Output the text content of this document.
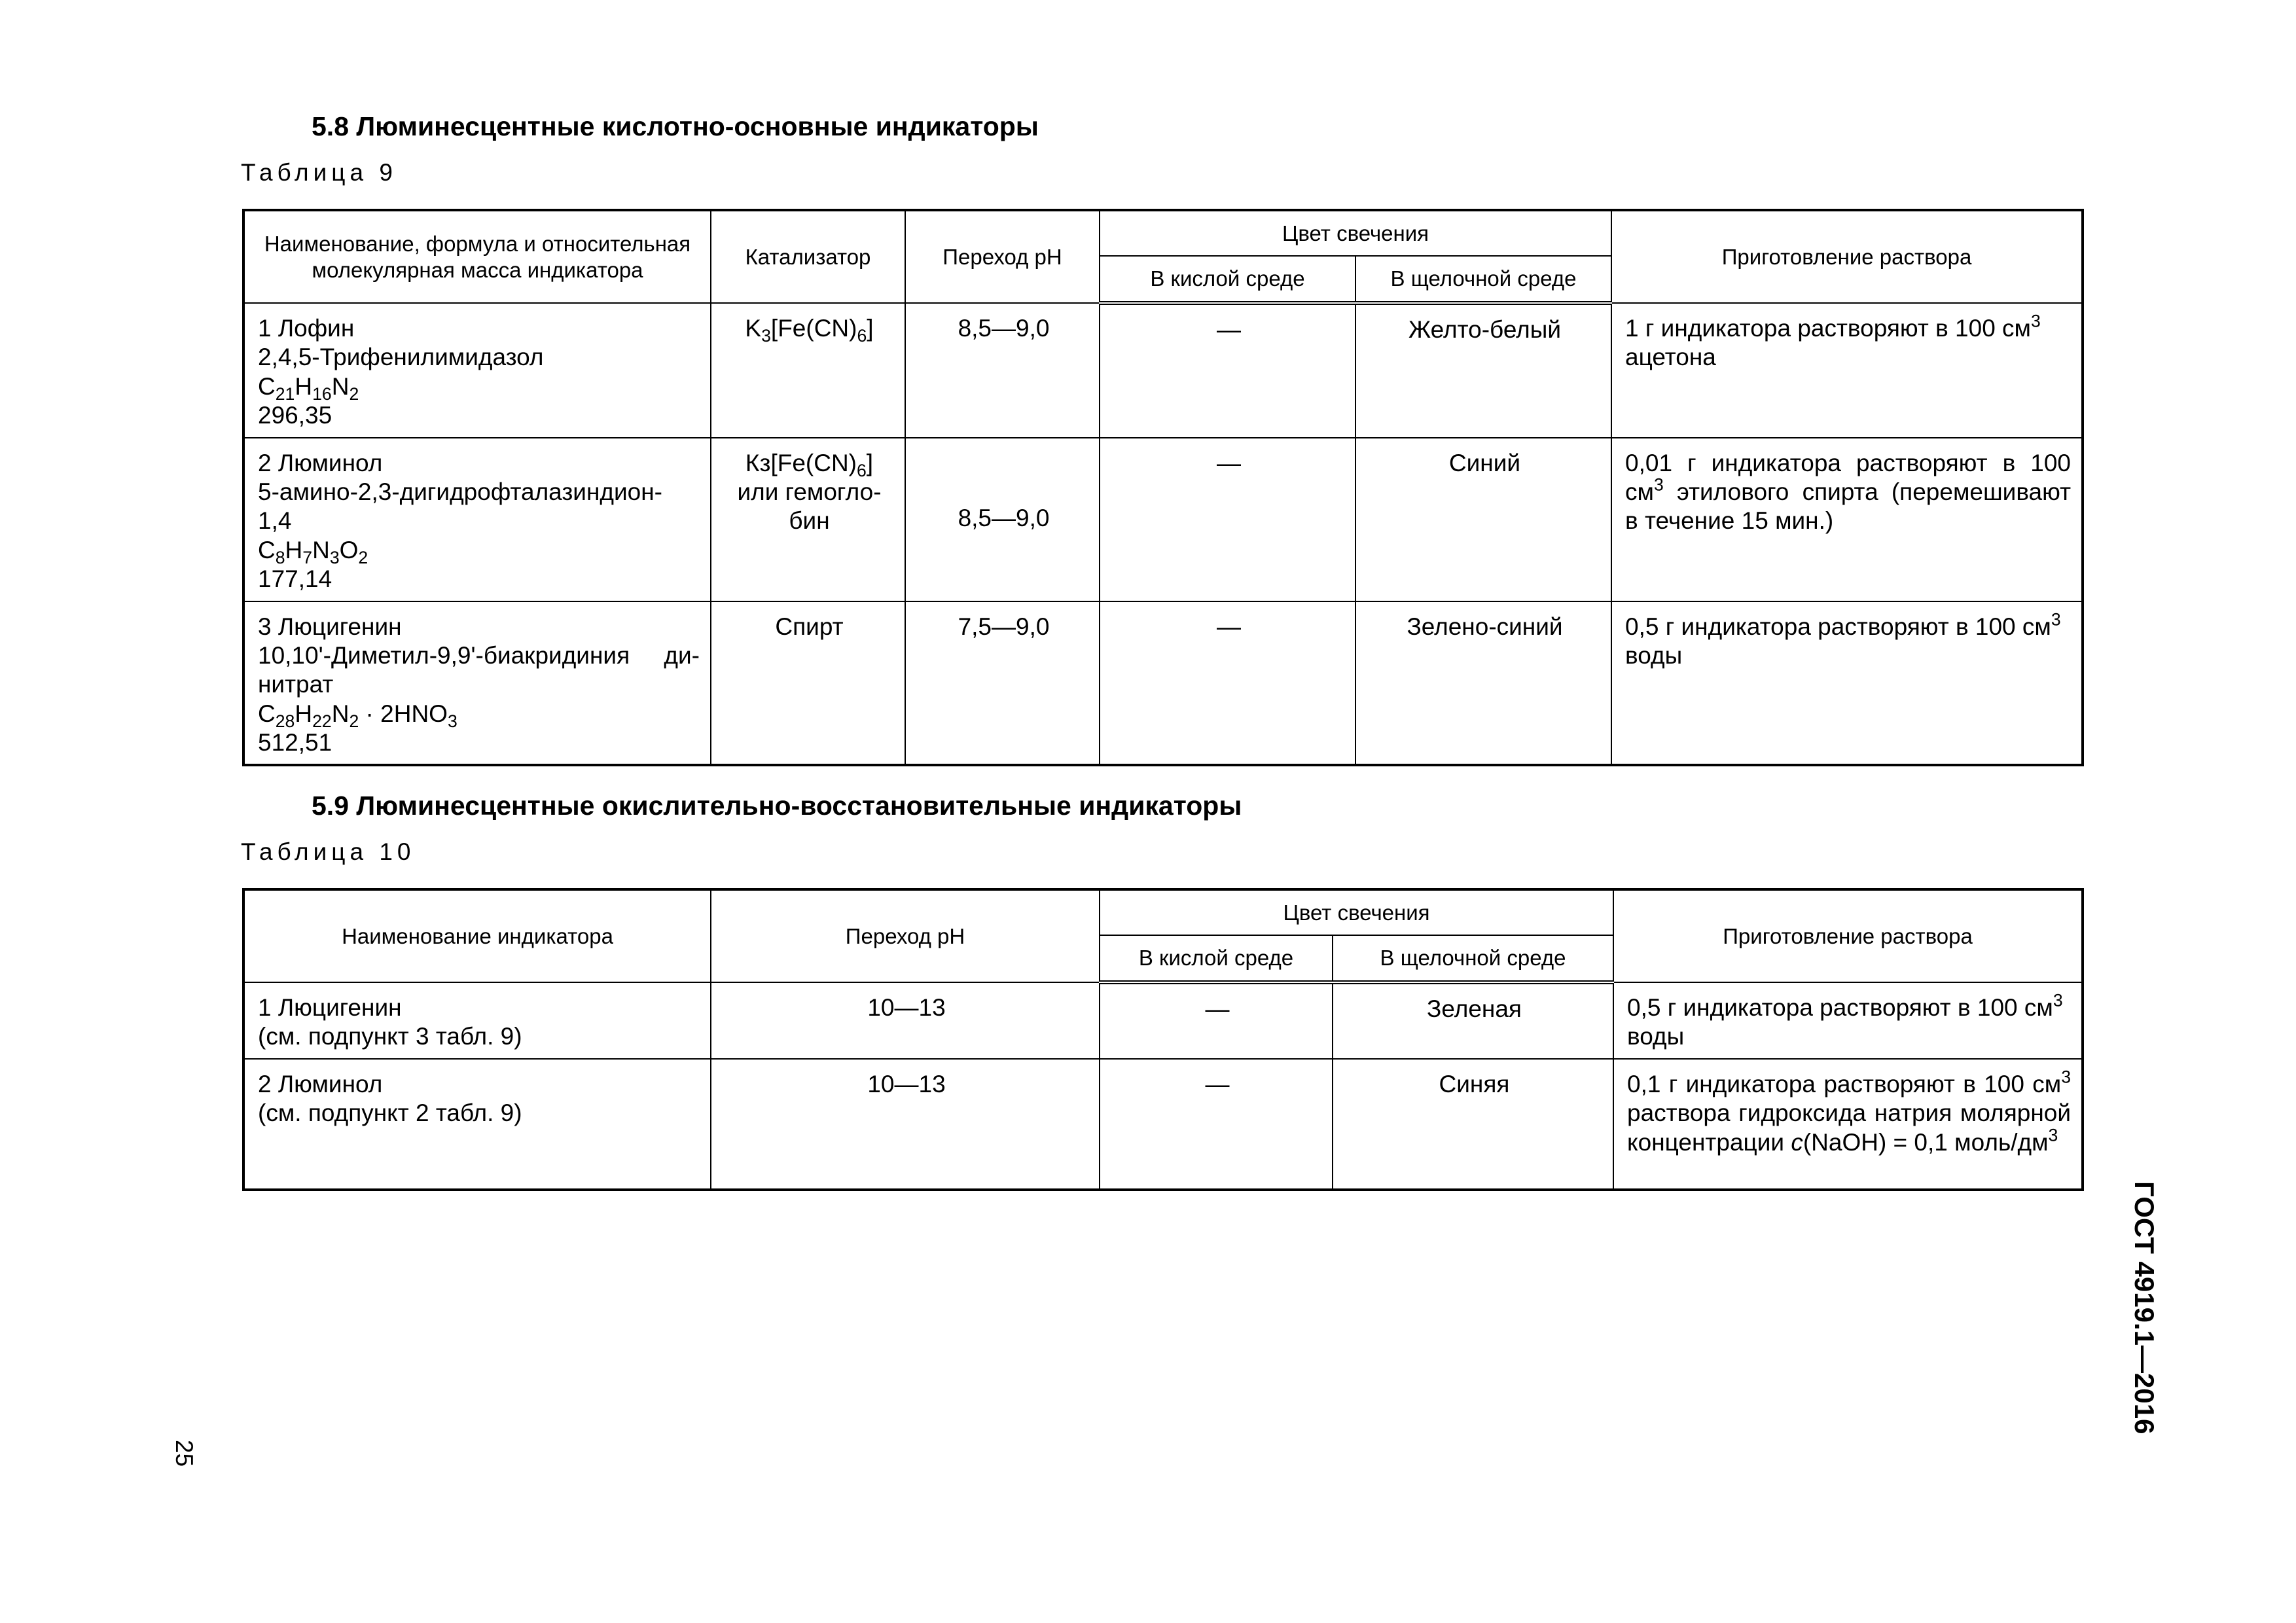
5.8 Люминесцентные кислотно-основные индикаторы

Таблица 9

Наименование, формула и относительная молекулярная масса индикатора	Катализатор	Переход pH	Цвет свечения		Приготовление раствора
			В кислой среде	В щелочной среде	

1 Лофин
2,4,5-Трифенилимидазол
$C_{21}H_{16}N_2$
296,35	$K_3[Fe(CN)_6]$	8,5—9,0	—	Желто-белый	1 г индикатора растворяют в 100 $см^3$ ацетона

2 Люминол
5-амино-2,3-дигидрофталазиндион-
1,4
$C_8H_7N_3O_2$
177,14	$Кз[Fe(CN)_6]$
или гемогло-
бин	8,5—9,0	—	Синий	0,01 г индикатора растворяют в 100 $см^3$ этилового спирта (перемешивают в течение 15 мин.)

3 Люцигенин
10,10'-Диметил-9,9'-биакридиния ди-
нитрат
$C_{28}H_{22}N_2 \cdot 2HNO_3$
512,51	Спирт	7,5—9,0	—	Зелено-синий	0,5 г индикатора растворяют в 100 $см^3$ воды
5.9 Люминесцентные окислительно-восстановительные индикаторы

Таблица 10

Наименование индикатора	Переход pH	Цвет свечения		Приготовление раствора
		В кислой среде	В щелочной среде	

1 Люцигенин
(см. подпункт 3 табл. 9)	10—13	—	Зеленая	0,5 г индикатора растворяют в 100 $см^3$ воды

2 Люминол
(см. подпункт 2 табл. 9)	10—13	—	Синяя	0,1 г индикатора растворяют в 100 $см^3$ раствора гидроксида натрия молярной концентрации c(NaOH) = 0,1 моль/$дм^3$
25
ГОСТ 4919.1—2016
